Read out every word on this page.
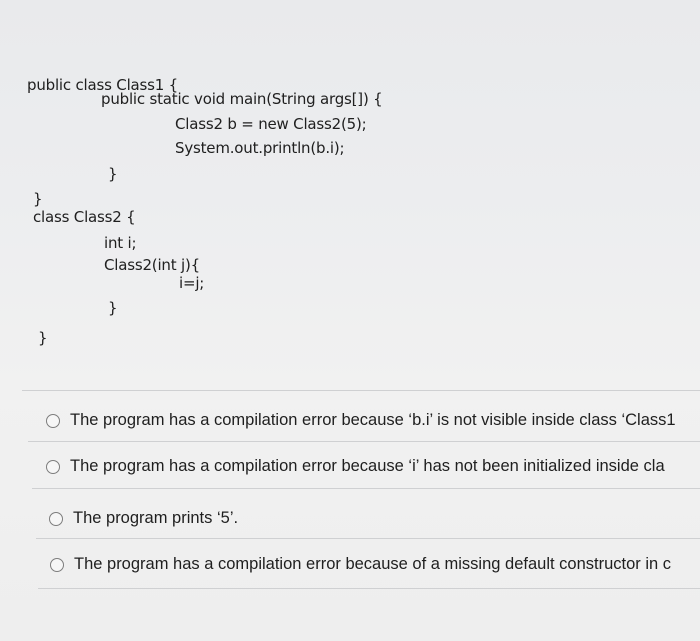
public class Class1 {
public static void main(String args[]) {
Class2 b = new Class2(5);
System.out.println(b.i);
}
}
class Class2 {
int i;
Class2(int j){
i=j;
}
}
The program has a compilation error because ‘b.i’ is not visible inside class ‘Class1
The program has a compilation error because ‘i’ has not been initialized inside cla
The program prints ‘5’.
The program has a compilation error because of a missing default constructor in c
